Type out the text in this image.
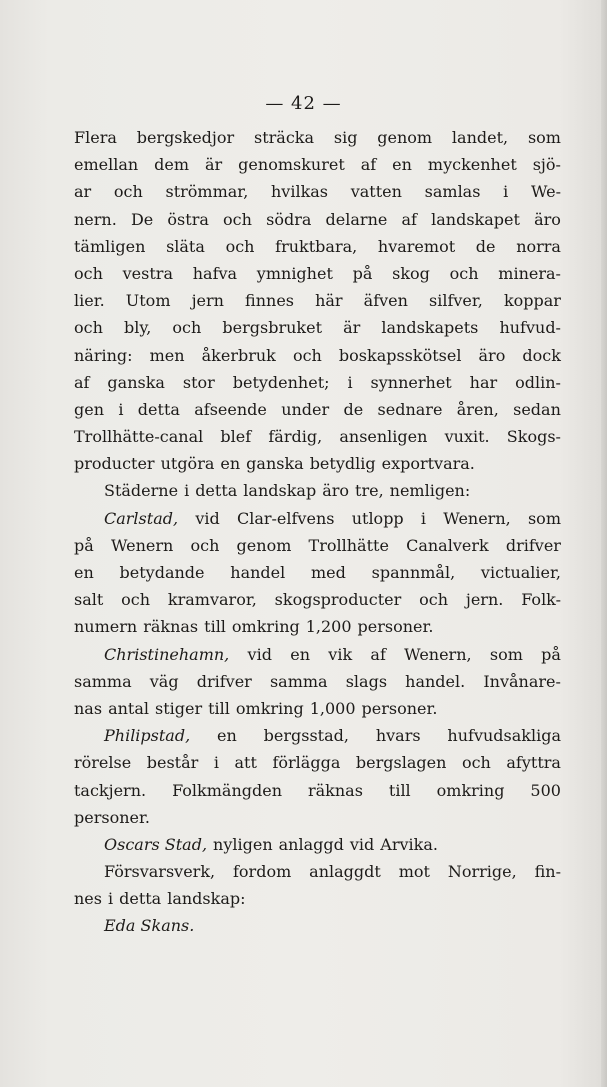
— 42 —
Flera bergskedjor sträcka sig genom landet, som
emellan dem är genomskuret af en myckenhet sjö-
ar och strömmar, hvilkas vatten samlas i We-
nern. De östra och södra delarne af landskapet äro
tämligen släta och fruktbara, hvaremot de norra
och vestra hafva ymnighet på skog och minera-
lier. Utom jern finnes här äfven silfver, koppar
och bly, och bergsbruket är landskapets hufvud-
näring: men åkerbruk och boskapsskötsel äro dock
af ganska stor betydenhet; i synnerhet har odlin-
gen i detta afseende under de sednare åren, sedan
Trollhätte-canal blef färdig, ansenligen vuxit. Skogs-
producter utgöra en ganska betydlig exportvara.
Städerne i detta landskap äro tre, nemligen:
Carlstad, vid Clar-elfvens utlopp i Wenern, som
på Wenern och genom Trollhätte Canalverk drifver
en betydande handel med spannmål, victualier,
salt och kramvaror, skogsproducter och jern. Folk-
numern räknas till omkring 1,200 personer.
Christinehamn, vid en vik af Wenern, som på
samma väg drifver samma slags handel. Invånare-
nas antal stiger till omkring 1,000 personer.
Philipstad, en bergsstad, hvars hufvudsakliga
rörelse består i att förlägga bergslagen och afyttra
tackjern. Folkmängden räknas till omkring 500
personer.
Oscars Stad, nyligen anlaggd vid Arvika.
Försvarsverk, fordom anlaggdt mot Norrige, fin-
nes i detta landskap:
Eda Skans.
